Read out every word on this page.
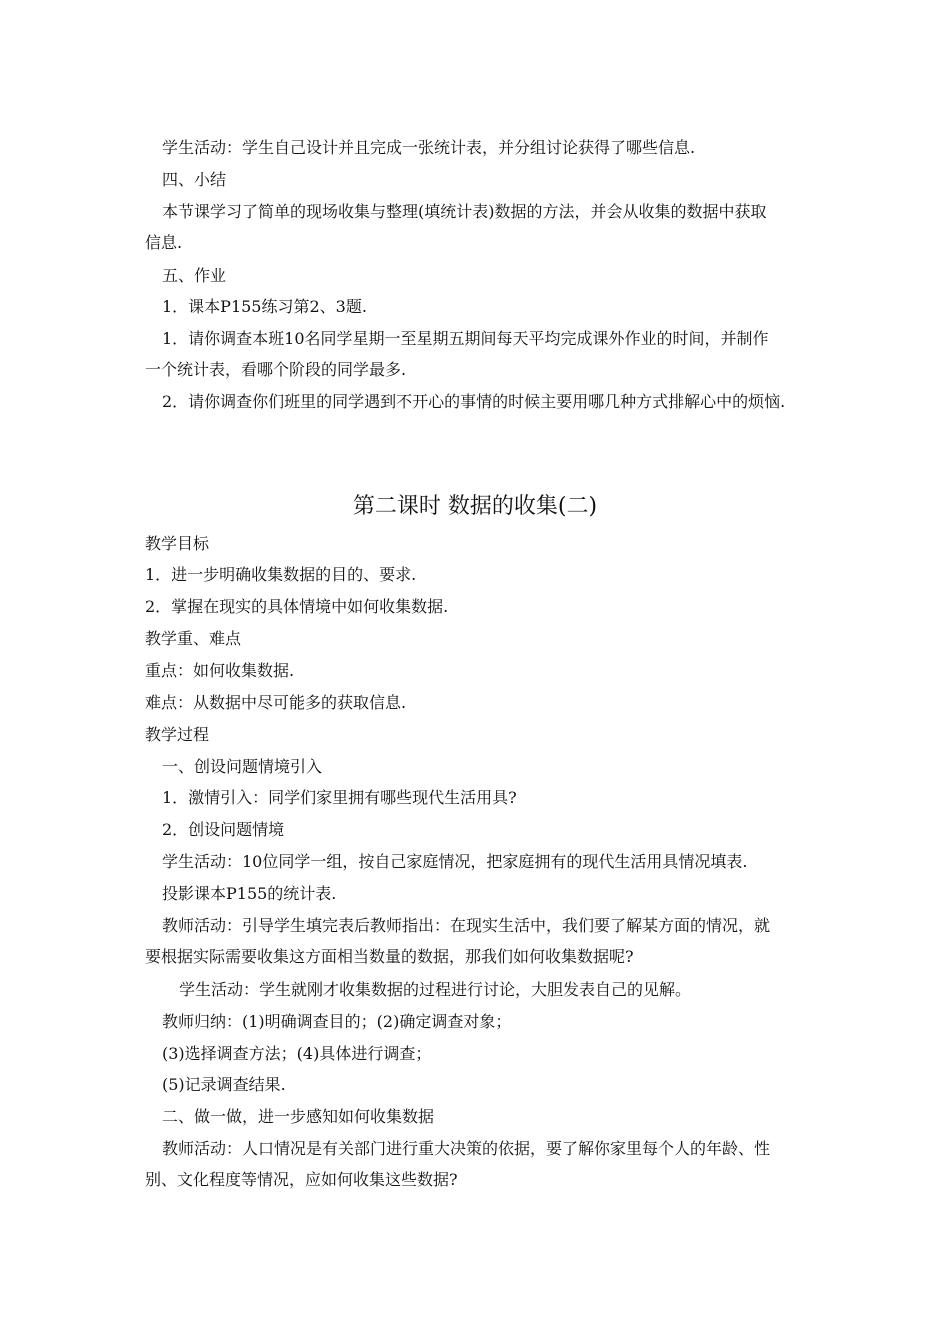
学生活动：学生自己设计并且完成一张统计表，并分组讨论获得了哪些信息.
四、小结
本节课学习了简单的现场收集与整理(填统计表)数据的方法，并会从收集的数据中获取
信息.
五、作业
1．课本P155练习第2、3题.
1．请你调查本班10名同学星期一至星期五期间每天平均完成课外作业的时间，并制作
一个统计表，看哪个阶段的同学最多.
2．请你调查你们班里的同学遇到不开心的事情的时候主要用哪几种方式排解心中的烦恼.
第二课时 数据的收集(二)
教学目标
1．进一步明确收集数据的目的、要求.
2．掌握在现实的具体情境中如何收集数据.
教学重、难点
重点：如何收集数据.
难点：从数据中尽可能多的获取信息.
教学过程
一、创设问题情境引入
1．激情引入：同学们家里拥有哪些现代生活用具?
2．创设问题情境
学生活动：10位同学一组，按自己家庭情况，把家庭拥有的现代生活用具情况填表.
投影课本P155的统计表.
教师活动：引导学生填完表后教师指出：在现实生活中，我们要了解某方面的情况，就
要根据实际需要收集这方面相当数量的数据，那我们如何收集数据呢?
学生活动：学生就刚才收集数据的过程进行讨论，大胆发表自己的见解。
教师归纳：(1)明确调查目的；(2)确定调查对象；
(3)选择调查方法；(4)具体进行调查；
(5)记录调查结果.
二、做一做，进一步感知如何收集数据
教师活动：人口情况是有关部门进行重大决策的依据，要了解你家里每个人的年龄、性
别、文化程度等情况，应如何收集这些数据?
